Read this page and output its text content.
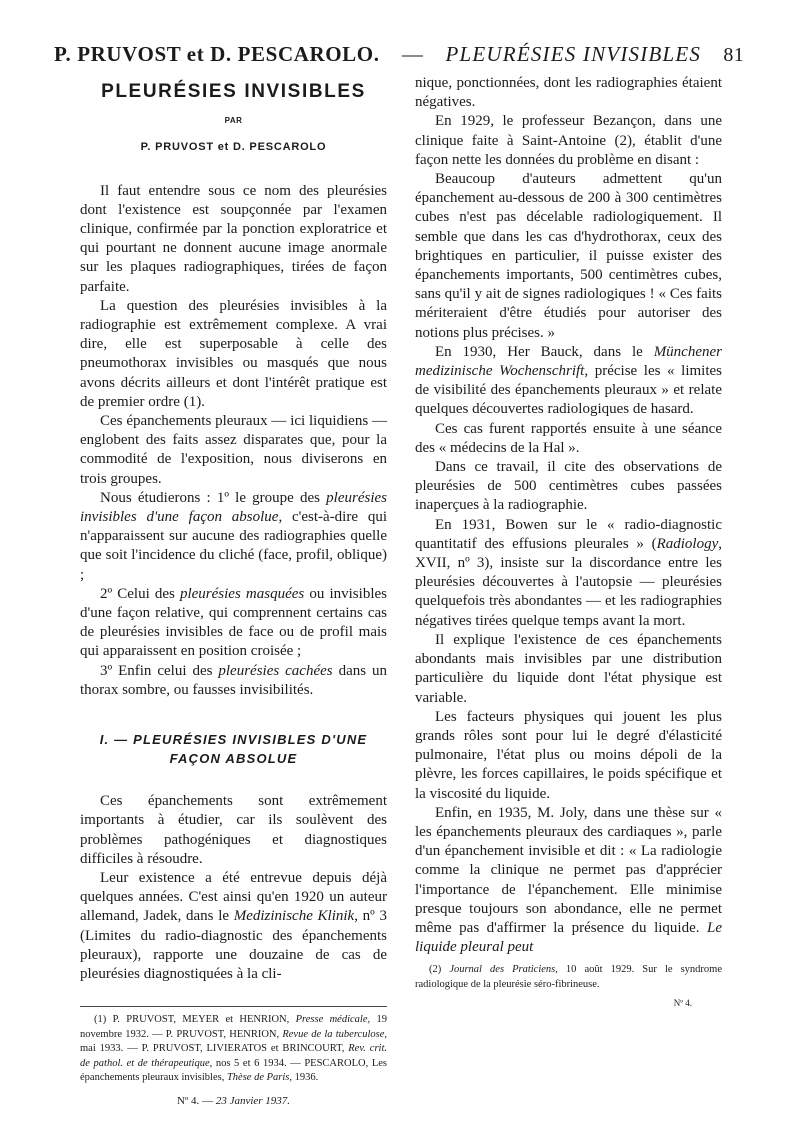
P. PRUVOST et D. PESCAROLO. — PLEURÉSIES INVISIBLES 81
PLEURÉSIES INVISIBLES
PAR
P. PRUVOST et D. PESCAROLO

Il faut entendre sous ce nom des pleurésies dont l'existence est soupçonnée par l'examen clinique, confirmée par la ponction exploratrice et qui pourtant ne donnent aucune image anormale sur les plaques radiographiques, tirées de façon parfaite.

La question des pleurésies invisibles à la radiographie est extrêmement complexe. A vrai dire, elle est superposable à celle des pneumothorax invisibles ou masqués que nous avons décrits ailleurs et dont l'intérêt pratique est de premier ordre (1).

Ces épanchements pleuraux — ici liquidiens — englobent des faits assez disparates que, pour la commodité de l'exposition, nous diviserons en trois groupes.

Nous étudierons : 1º le groupe des pleurésies invisibles d'une façon absolue, c'est-à-dire qui n'apparaissent sur aucune des radiographies quelle que soit l'incidence du cliché (face, profil, oblique) ;

2º Celui des pleurésies masquées ou invisibles d'une façon relative, qui comprennent certains cas de pleurésies invisibles de face ou de profil mais qui apparaissent en position croisée ;

3º Enfin celui des pleurésies cachées dans un thorax sombre, ou fausses invisibilités.

I. — PLEURÉSIES INVISIBLES D'UNE
FAÇON ABSOLUE

Ces épanchements sont extrêmement importants à étudier, car ils soulèvent des problèmes pathogéniques et diagnostiques difficiles à résoudre.

Leur existence a été entrevue depuis déjà quelques années. C'est ainsi qu'en 1920 un auteur allemand, Jadek, dans le Medizinische Klinik, nº 3 (Limites du radio-diagnostic des épanchements pleuraux), rapporte une douzaine de cas de pleurésies diagnostiquées à la cli-

(1) P. PRUVOST, MEYER et HENRION, Presse médicale, 19 novembre 1932. — P. PRUVOST, HENRION, Revue de la tuberculose, mai 1933. — P. PRUVOST, LIVIERATOS et BRINCOURT, Rev. crit. de pathol. et de thérapeutique, nos 5 et 6 1934. — PESCAROLO, Les épanchements pleuraux invisibles, Thèse de Paris, 1936.

Nº 4. — 23 Janvier 1937.

nique, ponctionnées, dont les radiographies étaient négatives.

En 1929, le professeur Bezançon, dans une clinique faite à Saint-Antoine (2), établit d'une façon nette les données du problème en disant :

Beaucoup d'auteurs admettent qu'un épanchement au-dessous de 200 à 300 centimètres cubes n'est pas décelable radiologiquement. Il semble que dans les cas d'hydrothorax, ceux des brightiques en particulier, il puisse exister des épanchements importants, 500 centimètres cubes, sans qu'il y ait de signes radiologiques ! « Ces faits mériteraient d'être étudiés pour autoriser des notions plus précises. »

En 1930, Her Bauck, dans le Münchener medizinische Wochenschrift, précise les « limites de visibilité des épanchements pleuraux » et relate quelques découvertes radiologiques de hasard.

Ces cas furent rapportés ensuite à une séance des « médecins de la Hal ».

Dans ce travail, il cite des observations de pleurésies de 500 centimètres cubes passées inaperçues à la radiographie.

En 1931, Bowen sur le « radio-diagnostic quantitatif des effusions pleurales » (Radiology, XVII, nº 3), insiste sur la discordance entre les pleurésies découvertes à l'autopsie — pleurésies quelquefois très abondantes — et les radiographies négatives tirées quelque temps avant la mort.

Il explique l'existence de ces épanchements abondants mais invisibles par une distribution particulière du liquide dont l'état physique est variable.

Les facteurs physiques qui jouent les plus grands rôles sont pour lui le degré d'élasticité pulmonaire, l'état plus ou moins dépoli de la plèvre, les forces capillaires, le poids spécifique et la viscosité du liquide.

Enfin, en 1935, M. Joly, dans une thèse sur « les épanchements pleuraux des cardiaques », parle d'un épanchement invisible et dit : « La radiologie comme la clinique ne permet pas d'apprécier l'importance de l'épanchement. Elle minimise presque toujours son abondance, elle ne permet même pas d'affirmer la présence du liquide. Le liquide pleural peut

(2) Journal des Praticiens, 10 août 1929. Sur le syndrome radiologique de la pleurésie séro-fibrineuse.

Nº 4.
